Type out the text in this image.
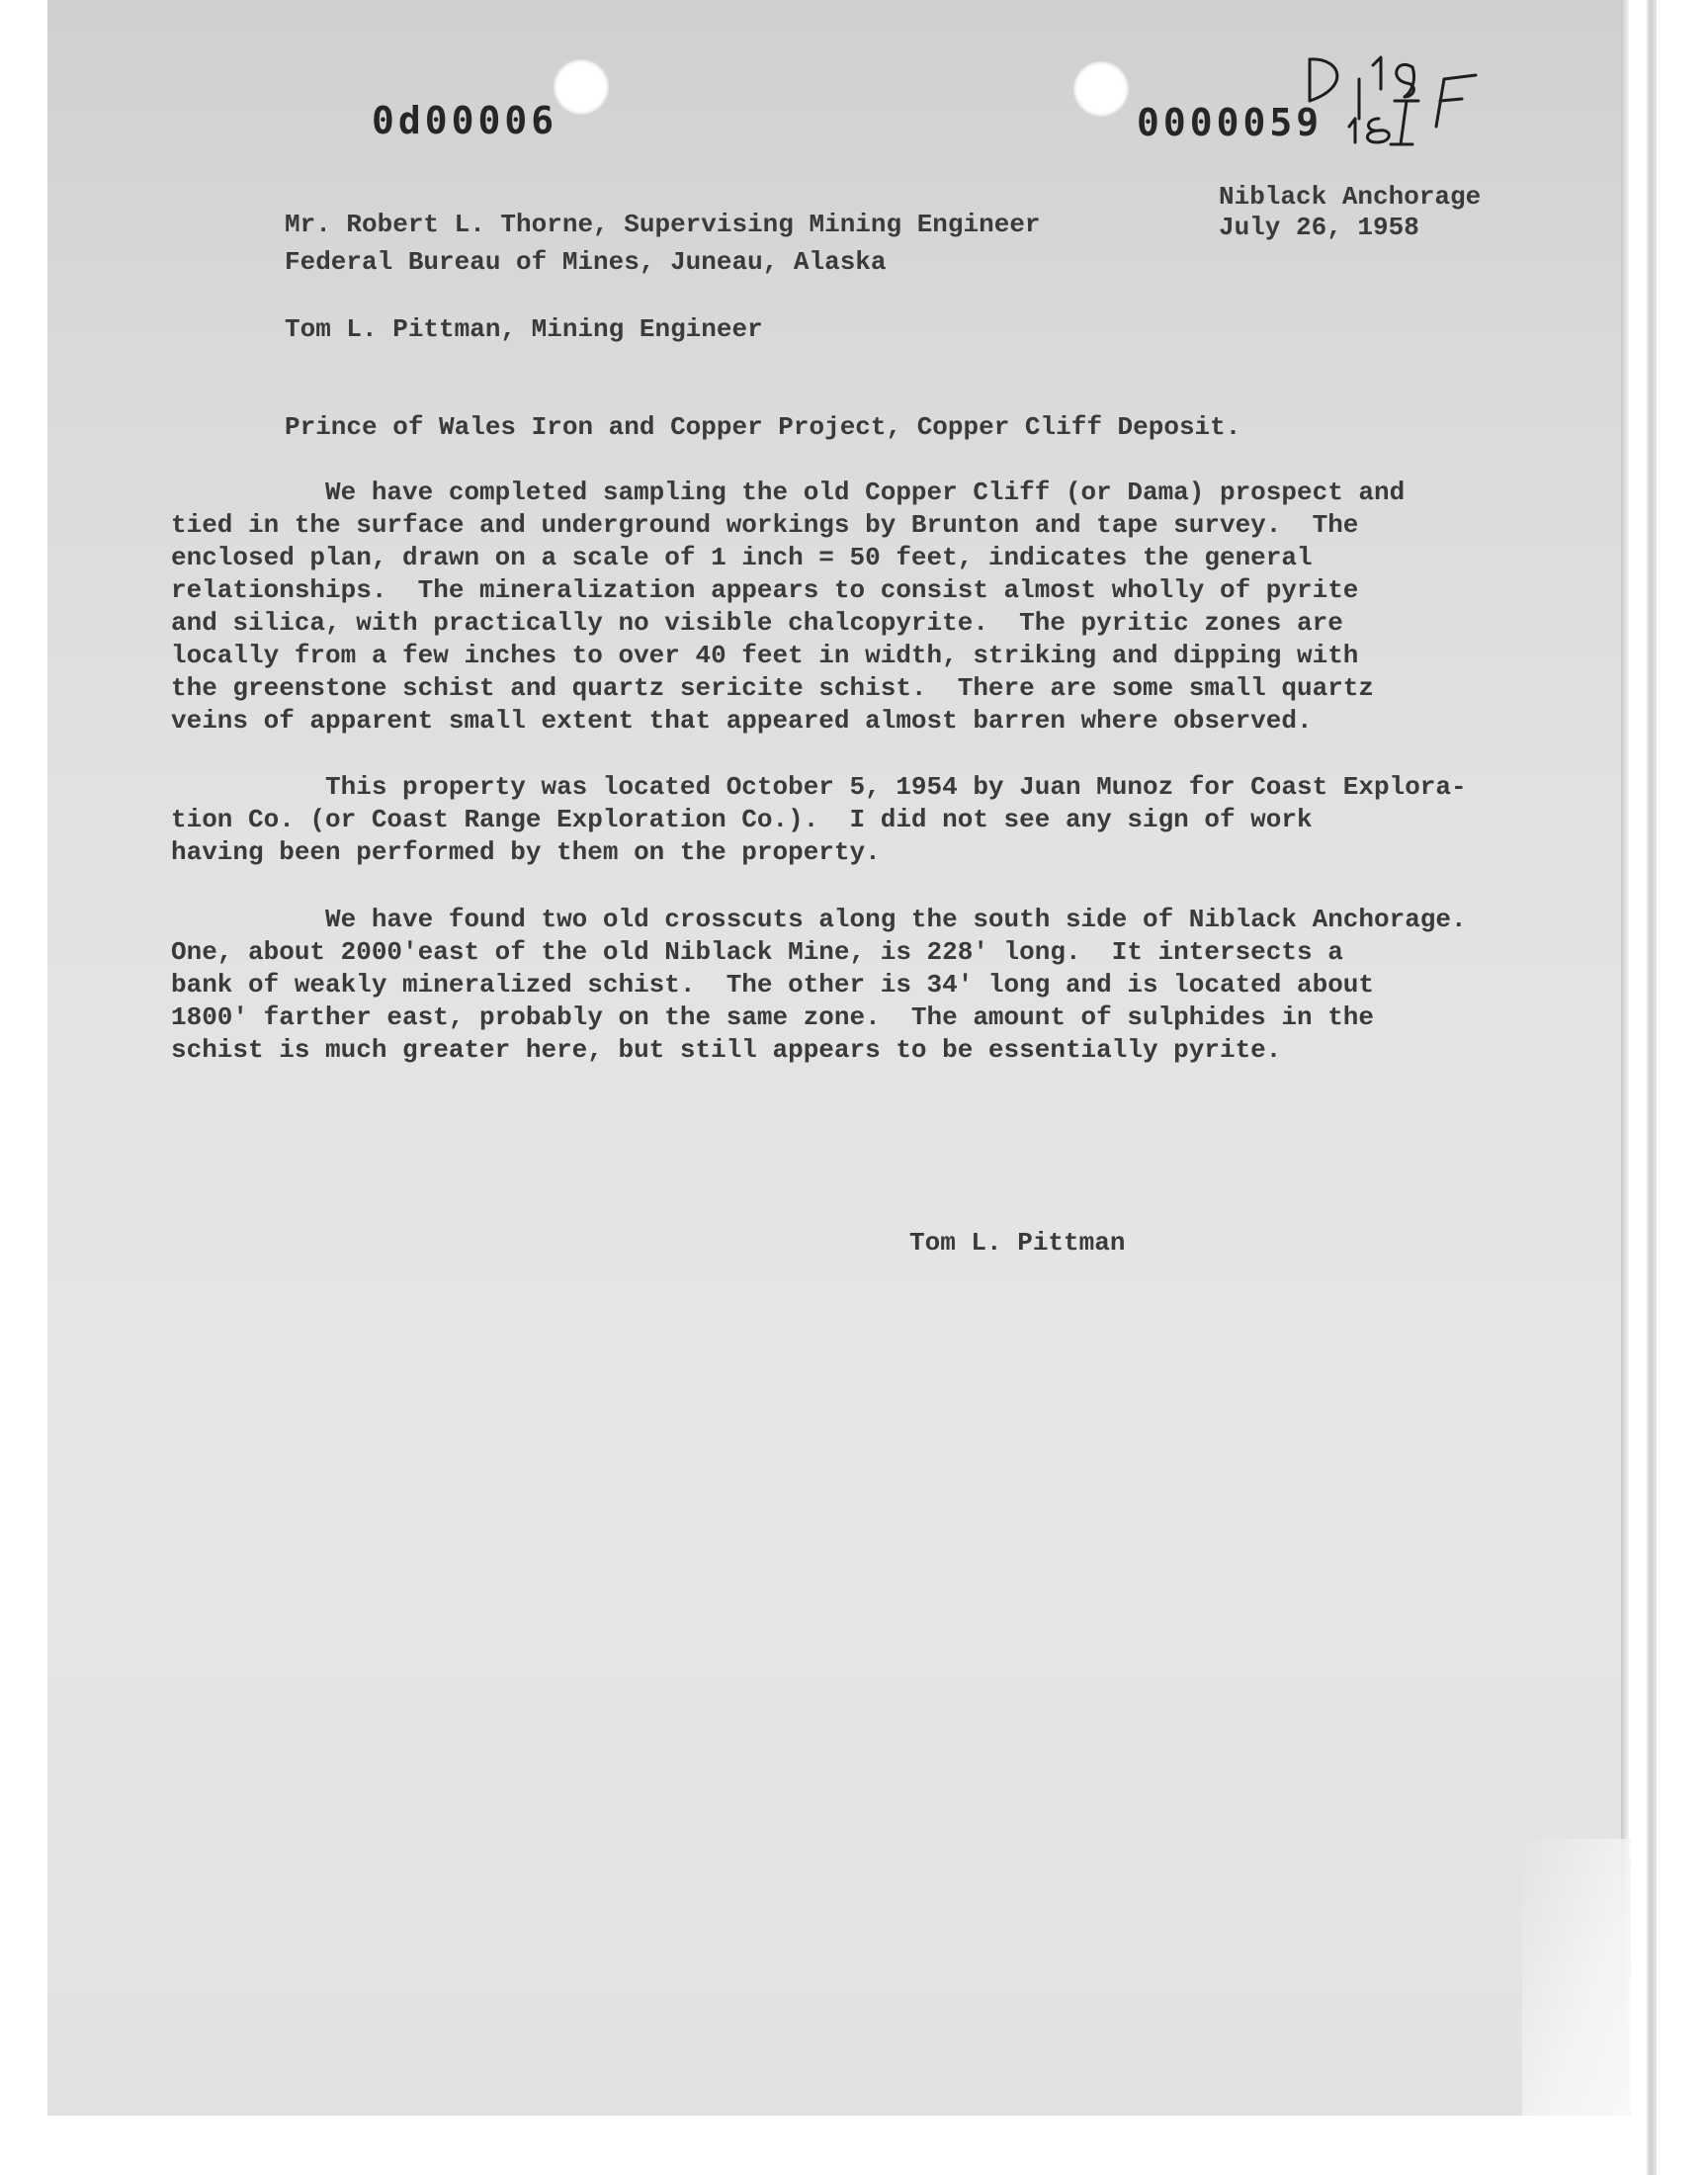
0d00006	0000059

Niblack Anchorage

July 26, 1958

Mr. Robert L. Thorne, Supervising Mining Engineer

Federal Bureau of Mines, Juneau, Alaska

Tom L. Pittman, Mining Engineer

Prince of Wales Iron and Copper Project, Copper Cliff Deposit.

We have completed sampling the old Copper Cliff (or Dama) prospect and

tied in the surface and underground workings by Brunton and tape survey.  The

enclosed plan, drawn on a scale of 1 inch = 50 feet, indicates the general

relationships.  The mineralization appears to consist almost wholly of pyrite

and silica, with practically no visible chalcopyrite.  The pyritic zones are

locally from a few inches to over 40 feet in width, striking and dipping with

the greenstone schist and quartz sericite schist.  There are some small quartz

veins of apparent small extent that appeared almost barren where observed.

This property was located October 5, 1954 by Juan Munoz for Coast Explora-

tion Co. (or Coast Range Exploration Co.).  I did not see any sign of work

having been performed by them on the property.

We have found two old crosscuts along the south side of Niblack Anchorage.

One, about 2000'east of the old Niblack Mine, is 228' long.  It intersects a

bank of weakly mineralized schist.  The other is 34' long and is located about

1800' farther east, probably on the same zone.  The amount of sulphides in the

schist is much greater here, but still appears to be essentially pyrite.

Tom L. Pittman
